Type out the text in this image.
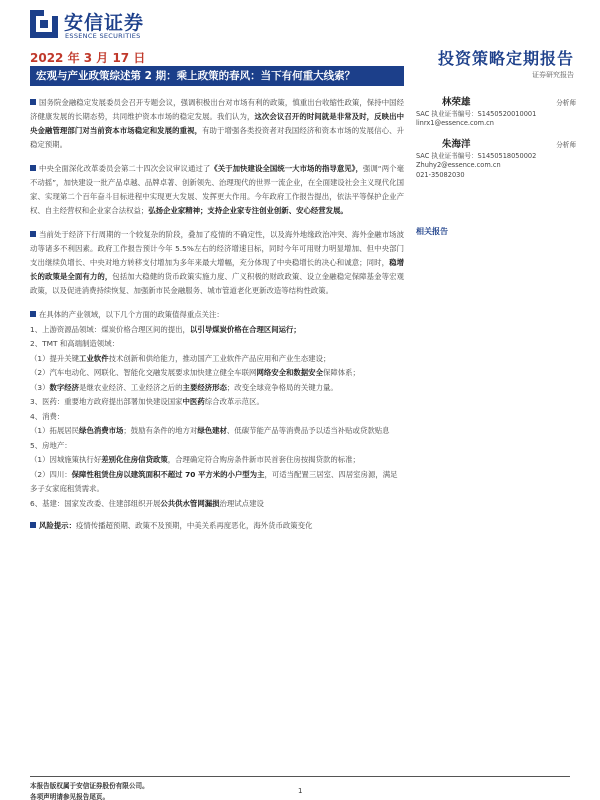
安信证券
ESSENCE SECURITIES
2022 年 3 月 17 日	投资策略定期报告
证券研究报告
宏观与产业政策综述第 2 期：乘上政策的春风：当下有何重大线索？
林荣雄	分析师
SAC 执业证书编号：S1450520010001
linrx1@essence.com.cn
朱海洋	分析师
SAC 执业证书编号：S1450518050002
Zhuhy2@essence.com.cn
021-35082030
相关报告

国务院金融稳定发展委员会召开专题会议，强调积极出台对市场有利的政策，慎重出台收缩性政策，保持中国经济健康发展的长期态势，共同维护资本市场的稳定发展。我们认为，这次会议召开的时间就是非常及时，反映出中央金融管理部门对当前资本市场稳定和发展的重视，有助于增强各类投资者对我国经济和资本市场的发展信心、升稳定预期。

中央全面深化改革委员会第二十四次会议审议通过了《关于加快建设全国统一大市场的指导意见》，强调“两个毫不动摇”，加快建设一批产品卓越、品牌卓著、创新领先、治理现代的世界一流企业，在全面建设社会主义现代化国家、实现第二个百年奋斗目标进程中实现更大发展、发挥更大作用。今年政府工作报告提出，依法平等保护企业产权、自主经营权和企业家合法权益；弘扬企业家精神；支持企业家专注创业创新、安心经营发展。

当前处于经济下行周期的一个较复杂的阶段，叠加了疫情的不确定性，以及海外地缘政治冲突、海外金融市场波动等诸多不利因素。政府工作报告预计今年 5.5%左右的经济增速目标，同时今年可用财力明显增加、但中央部门支出继续负增长、中央对地方转移支付增加为多年来最大增幅，充分体现了中央稳增长的决心和诚意；同时，稳增长的政策是全面有力的，包括加大稳健的货币政策实施力度、广义积极的财政政策、设立金融稳定保障基金等宏观政策，以及促进消费持续恢复、加强新市民金融服务、城市管道老化更新改造等结构性政策。

在具体的产业领域，以下几个方面的政策值得重点关注：
1、上游资源品领域：煤炭价格合理区间的提出，以引导煤炭价格在合理区间运行；
2、TMT 和高端制造领域：
（1）提升关键工业软件技术创新和供给能力，推动国产工业软件产品应用和产业生态建设；
（2）汽车电动化、网联化、智能化交融发展要求加快建立健全车联网网络安全和数据安全保障体系；
（3）数字经济是继农业经济、工业经济之后的主要经济形态；改变全球竞争格局的关键力量。
3、医药：重要地方政府提出部署加快建设国家中医药综合改革示范区。
4、消费：
（1）拓展居民绿色消费市场；鼓励有条件的地方对绿色建材、低碳节能产品等消费品予以适当补贴或贷款贴息
5、房地产：
（1）因城施策执行好差别化住房信贷政策，合理确定符合购房条件新市民首套住房按揭贷款的标准；
（2）四川：保障性租赁住房以建筑面积不超过 70 平方米的小户型为主，可适当配置三居室、四居室房源，满足多子女家庭租赁需求。
6、基建：国家发改委、住建部组织开展公共供水管网漏损治理试点建设

风险提示：疫情传播超预期、政策不及预期，中美关系再度恶化，海外货币政策变化

本报告版权属于安信证券股份有限公司。
各项声明请参见报告尾页。
1
